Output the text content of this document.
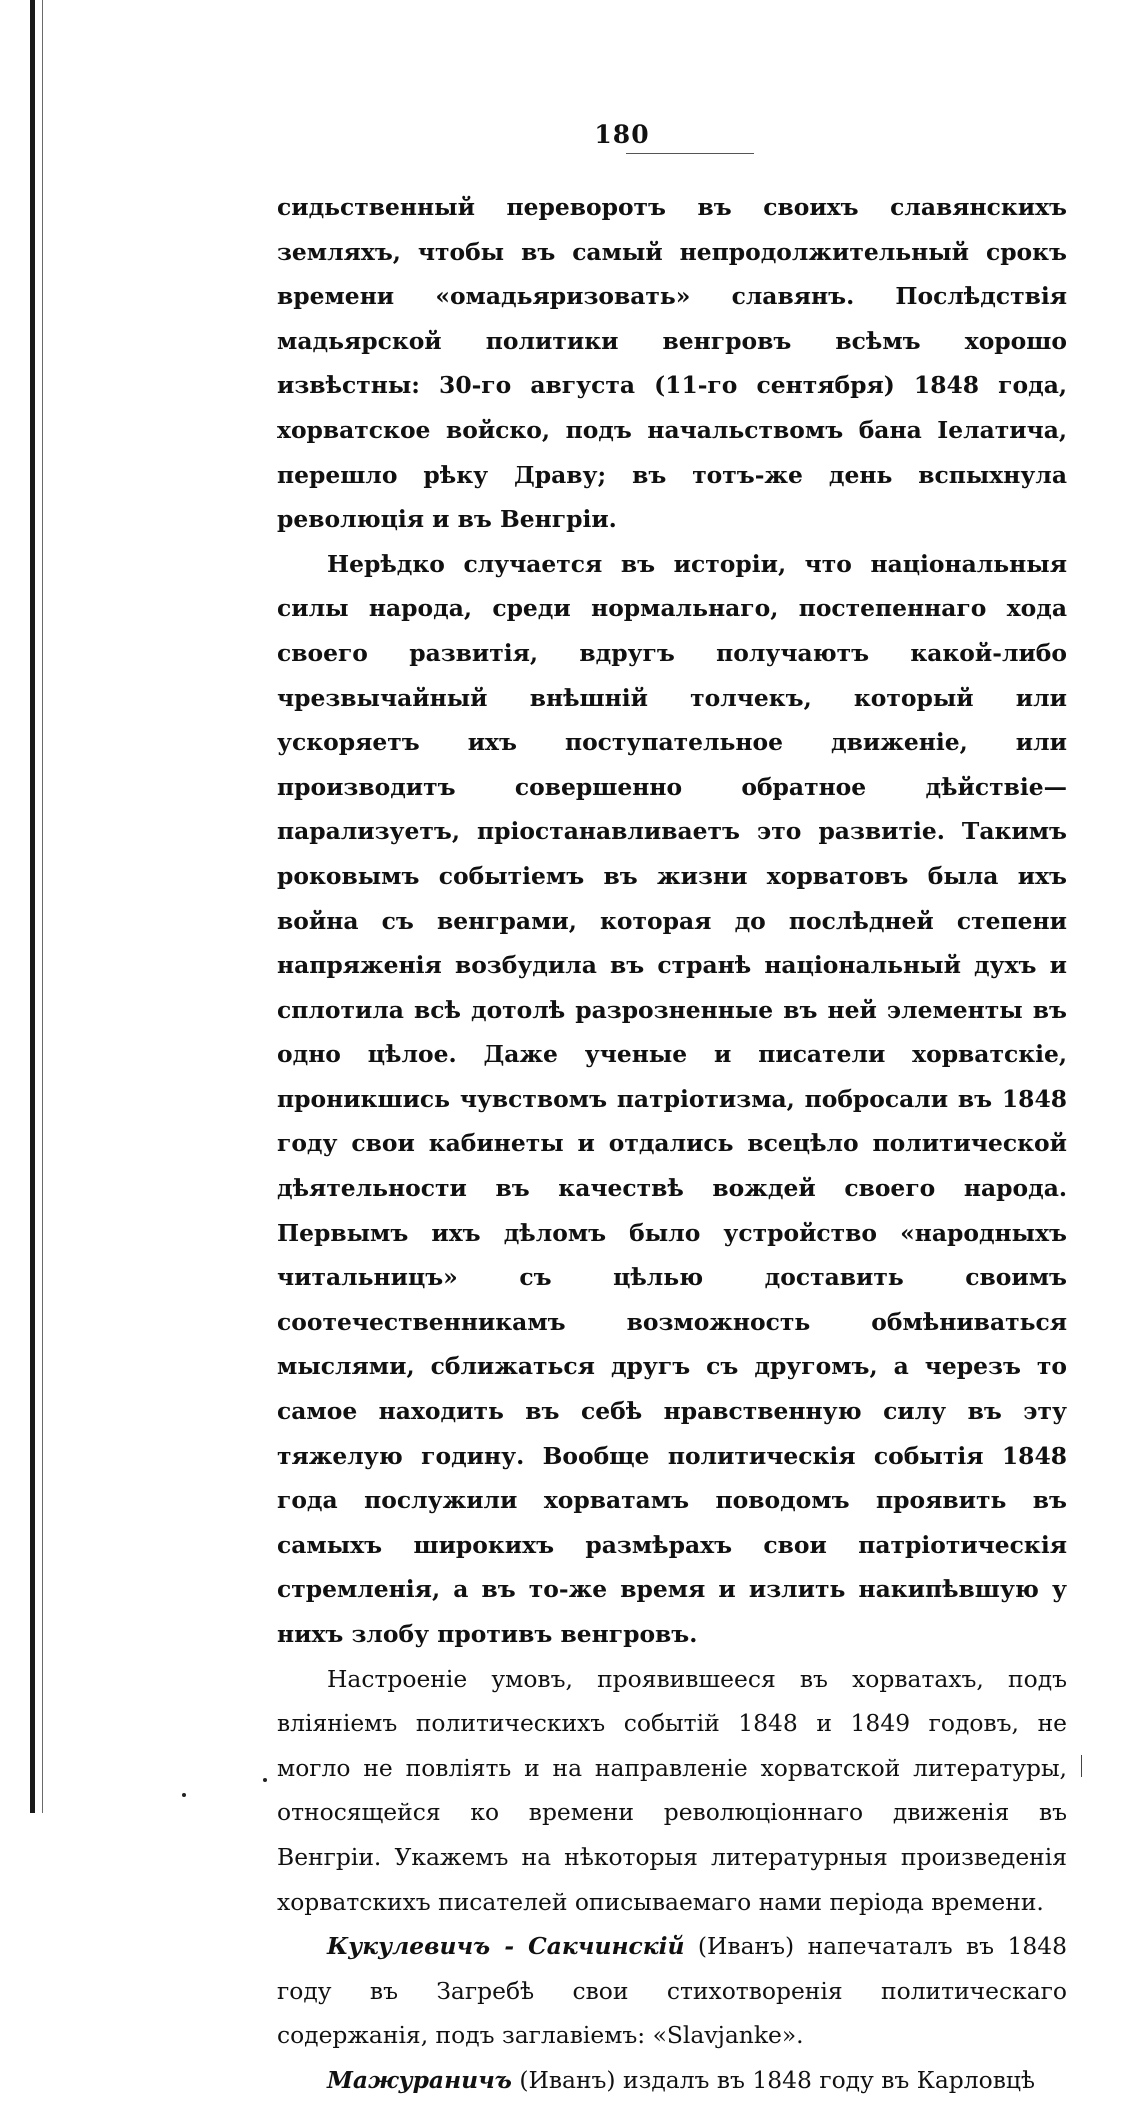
180

сидьственный переворотъ въ своихъ славянскихъ земляхъ, чтобы въ самый непродолжительный срокъ времени «омадьяризовать» славянъ. Послѣдствія мадьярской политики венгровъ всѣмъ хорошо извѣстны: 30-го августа (11-го сентября) 1848 года, хорватское войско, подъ начальствомъ бана Іелатича, перешло рѣку Драву; въ тотъ-же день вспыхнула революція и въ Венгріи.

Нерѣдко случается въ исторіи, что національныя силы народа, среди нормальнаго, постепеннаго хода своего развитія, вдругъ получаютъ какой-либо чрезвычайный внѣшній толчекъ, который или ускоряетъ ихъ поступательное движеніе, или производитъ совершенно обратное дѣйствіе—парализуетъ, пріостанавливаетъ это развитіе. Такимъ роковымъ событіемъ въ жизни хорватовъ была ихъ война съ венграми, которая до послѣдней степени напряженія возбудила въ странѣ національный духъ и сплотила всѣ дотолѣ разрозненные въ ней элементы въ одно цѣлое. Даже ученые и писатели хорватскіе, проникшись чувствомъ патріотизма, побросали въ 1848 году свои кабинеты и отдались всецѣло политической дѣятельности въ качествѣ вождей своего народа. Первымъ ихъ дѣломъ было устройство «народныхъ читальницъ» съ цѣлью доставить своимъ соотечественникамъ возможность обмѣниваться мыслями, сближаться другъ съ другомъ, а черезъ то самое находить въ себѣ нравственную силу въ эту тяжелую годину. Вообще политическія событія 1848 года послужили хорватамъ поводомъ проявить въ самыхъ широкихъ размѣрахъ свои патріотическія стремленія, а въ то-же время и излить накипѣвшую у нихъ злобу противъ венгровъ.

Настроеніе умовъ, проявившееся въ хорватахъ, подъ вліяніемъ политическихъ событій 1848 и 1849 годовъ, не могло не повліять и на направленіе хорватской литературы, относящейся ко времени революціоннаго движенія въ Венгріи. Укажемъ на нѣкоторыя литературныя произведенія хорватскихъ писателей описываемаго нами періода времени.

Кукулевичъ - Сакчинскій (Иванъ) напечаталъ въ 1848 году въ Загребѣ свои стихотворенія политическаго содержанія, подъ заглавіемъ: «Slavjanke».

Мажураничъ (Иванъ) издалъ въ 1848 году въ Карловцѣ
